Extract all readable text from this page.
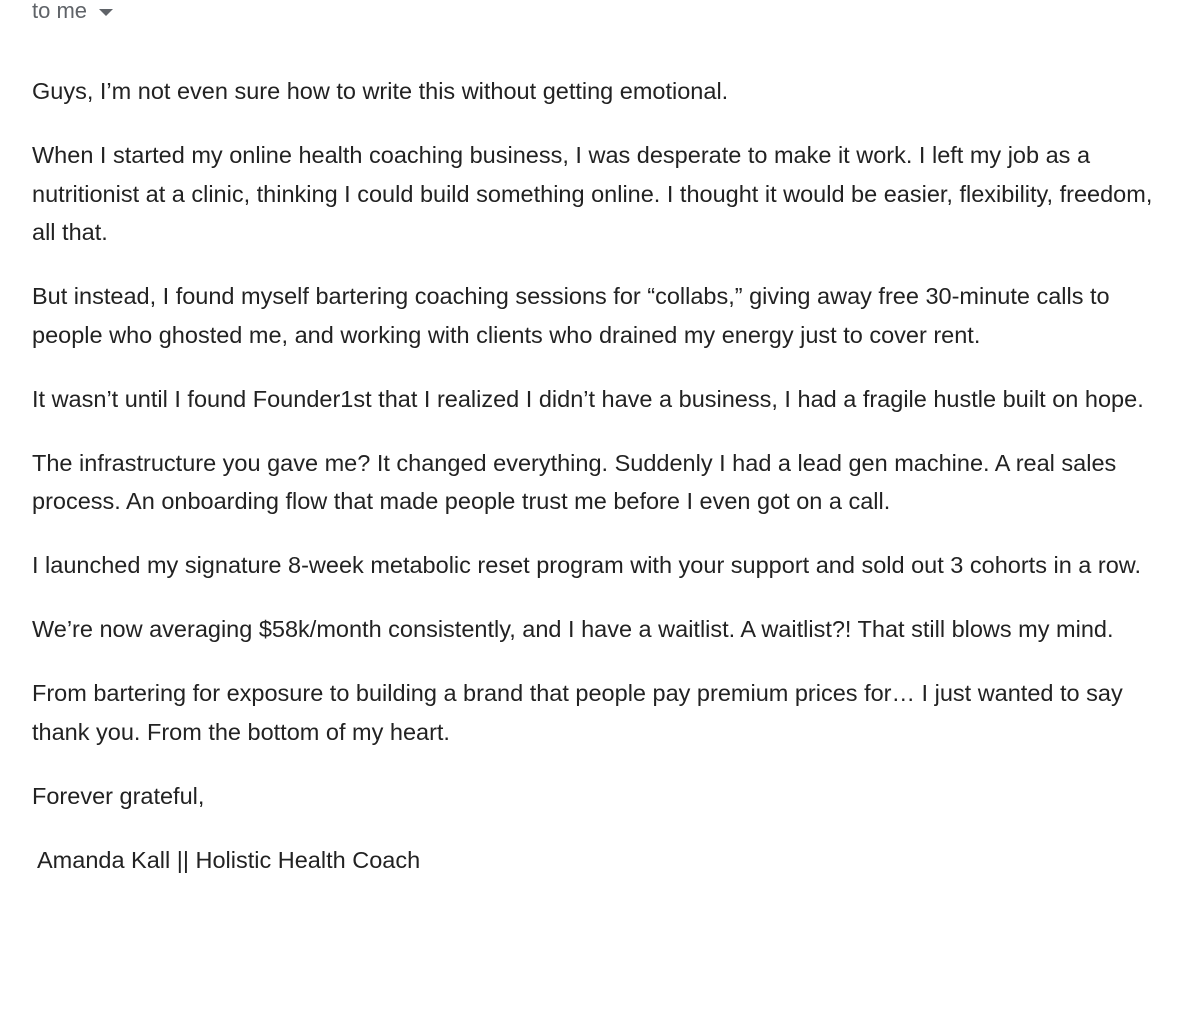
to me

Guys, I’m not even sure how to write this without getting emotional.

When I started my online health coaching business, I was desperate to make it work. I left my job as a nutritionist at a clinic, thinking I could build something online. I thought it would be easier, flexibility, freedom, all that.

But instead, I found myself bartering coaching sessions for “collabs,” giving away free 30-minute calls to people who ghosted me, and working with clients who drained my energy just to cover rent.

It wasn’t until I found Founder1st that I realized I didn’t have a business, I had a fragile hustle built on hope.

The infrastructure you gave me? It changed everything. Suddenly I had a lead gen machine. A real sales process. An onboarding flow that made people trust me before I even got on a call.

I launched my signature 8-week metabolic reset program with your support and sold out 3 cohorts in a row.

We’re now averaging $58k/month consistently, and I have a waitlist. A waitlist?! That still blows my mind.

From bartering for exposure to building a brand that people pay premium prices for… I just wanted to say thank you. From the bottom of my heart.

Forever grateful,

Amanda Kall || Holistic Health Coach
